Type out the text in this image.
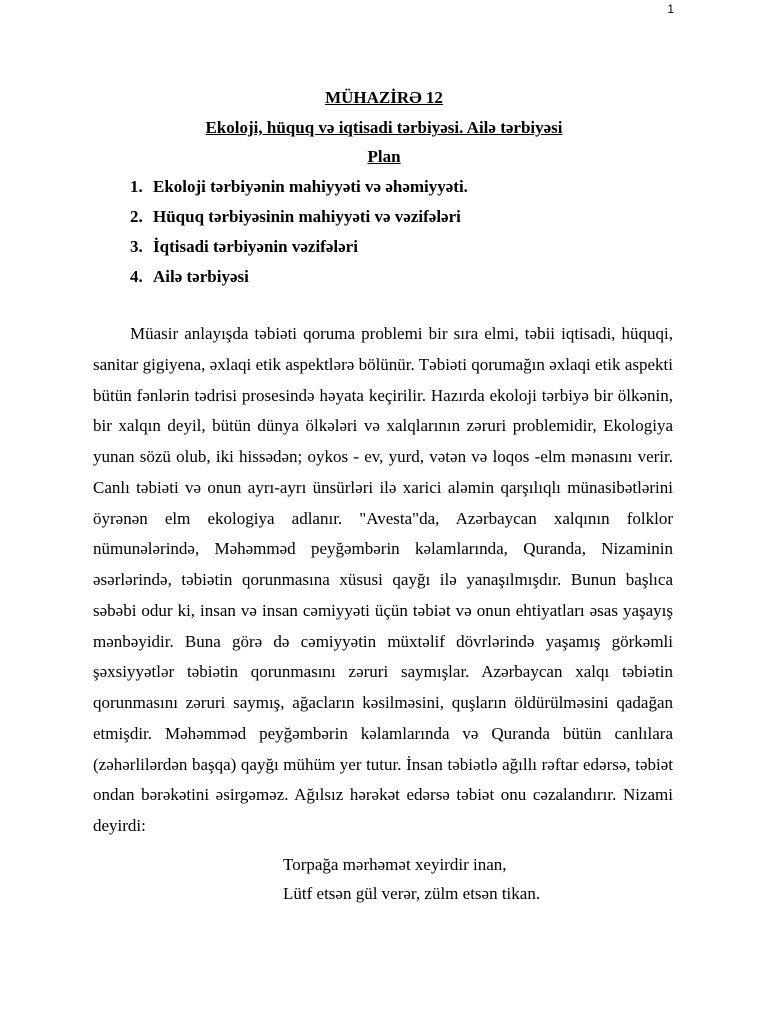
1
MÜHAZİRƏ 12
Ekoloji, hüquq və iqtisadi tərbiyəsi. Ailə tərbiyəsi
Plan
1. Ekoloji tərbiyənin mahiyyəti və əhəmiyyəti.
2. Hüquq tərbiyəsinin mahiyyəti və vəzifələri
3. İqtisadi tərbiyənin vəzifələri
4. Ailə tərbiyəsi

Müasir anlayışda təbiəti qoruma problemi bir sıra elmi, təbii iqtisadi, hüquqi, sanitar gigiyena, əxlaqi etik aspektlərə bölünür. Təbiəti qorumağın əxlaqi etik aspekti bütün fənlərin tədrisi prosesində həyata keçirilir. Hazırda ekoloji tərbiyə bir ölkənin, bir xalqın deyil, bütün dünya ölkələri və xalqlarının zəruri problemidir, Ekologiya yunan sözü olub, iki hissədən; oykos - ev, yurd, vətən və loqos -elm mənasını verir. Canlı təbiəti və onun ayrı-ayrı ünsürləri ilə xarici aləmin qarşılıqlı münasibətlərini öyrənən elm ekologiya adlanır. "Avesta"da, Azərbaycan xalqının folklor nümunələrində, Məhəmməd peyğəmbərin kəlamlarında, Quranda, Nizaminin əsərlərində, təbiətin qorunmasına xüsusi qayğı ilə yanaşılmışdır. Bunun başlıca səbəbi odur ki, insan və insan cəmiyyəti üçün təbiət və onun ehtiyatları əsas yaşayış mənbəyidir. Buna görə də cəmiyyətin müxtəlif dövrlərində yaşamış görkəmli şəxsiyyətlər təbiətin qorunmasını zəruri saymışlar. Azərbaycan xalqı təbiətin qorunmasını zəruri saymış, ağacların kəsilməsini, quşların öldürülməsini qadağan etmişdir. Məhəmməd peyğəmbərin kəlamlarında və Quranda bütün canlılara (zəhərlilərdən başqa) qayğı mühüm yer tutur. İnsan təbiətlə ağıllı rəftar edərsə, təbiət ondan bərəkətini əsirgəməz. Ağılsız hərəkət edərsə təbiət onu cəzalandırır. Nizami deyirdi:

Torpağa mərhəmət xeyirdir inan,
Lütf etsən gül verər, zülm etsən tikan.
